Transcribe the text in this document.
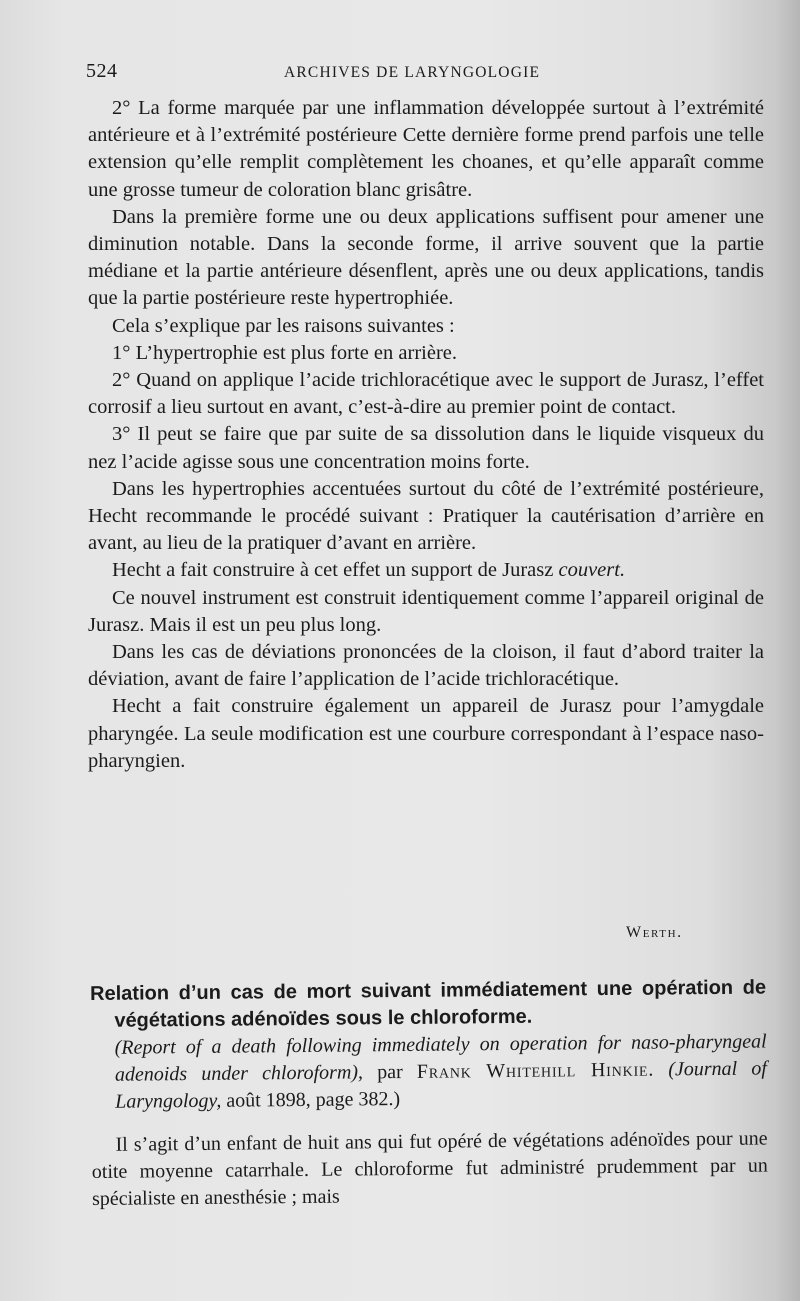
524	ARCHIVES DE LARYNGOLOGIE

2° La forme marquée par une inflammation développée surtout à l’extrémité antérieure et à l’extrémité postérieure Cette dernière forme prend parfois une telle extension qu’elle remplit complètement les choanes, et qu’elle apparaît comme une grosse tumeur de coloration blanc grisâtre.

Dans la première forme une ou deux applications suffisent pour amener une diminution notable. Dans la seconde forme, il arrive souvent que la partie médiane et la partie antérieure désenflent, après une ou deux applications, tandis que la partie postérieure reste hypertrophiée.

Cela s’explique par les raisons suivantes :

1° L’hypertrophie est plus forte en arrière.

2° Quand on applique l’acide trichloracétique avec le support de Jurasz, l’effet corrosif a lieu surtout en avant, c’est-à-dire au premier point de contact.

3° Il peut se faire que par suite de sa dissolution dans le liquide visqueux du nez l’acide agisse sous une concentration moins forte.

Dans les hypertrophies accentuées surtout du côté de l’extrémité postérieure, Hecht recommande le procédé suivant : Pratiquer la cautérisation d’arrière en avant, au lieu de la pratiquer d’avant en arrière.

Hecht a fait construire à cet effet un support de Jurasz couvert.

Ce nouvel instrument est construit identiquement comme l’appareil original de Jurasz. Mais il est un peu plus long.

Dans les cas de déviations prononcées de la cloison, il faut d’abord traiter la déviation, avant de faire l’application de l’acide trichloracétique.

Hecht a fait construire également un appareil de Jurasz pour l’amygdale pharyngée. La seule modification est une courbure correspondant à l’espace naso-pharyngien.

Werth.

Relation d’un cas de mort suivant immédiatement une opération de végétations adénoïdes sous le chloroforme.

(Report of a death following immediately on operation for naso-pharyngeal adenoids under chloroform), par Frank Whitehill Hinkie. (Journal of Laryngology, août 1898, page 382.)

Il s’agit d’un enfant de huit ans qui fut opéré de végétations adénoïdes pour une otite moyenne catarrhale. Le chloroforme fut administré prudemment par un spécialiste en anesthésie ; mais
